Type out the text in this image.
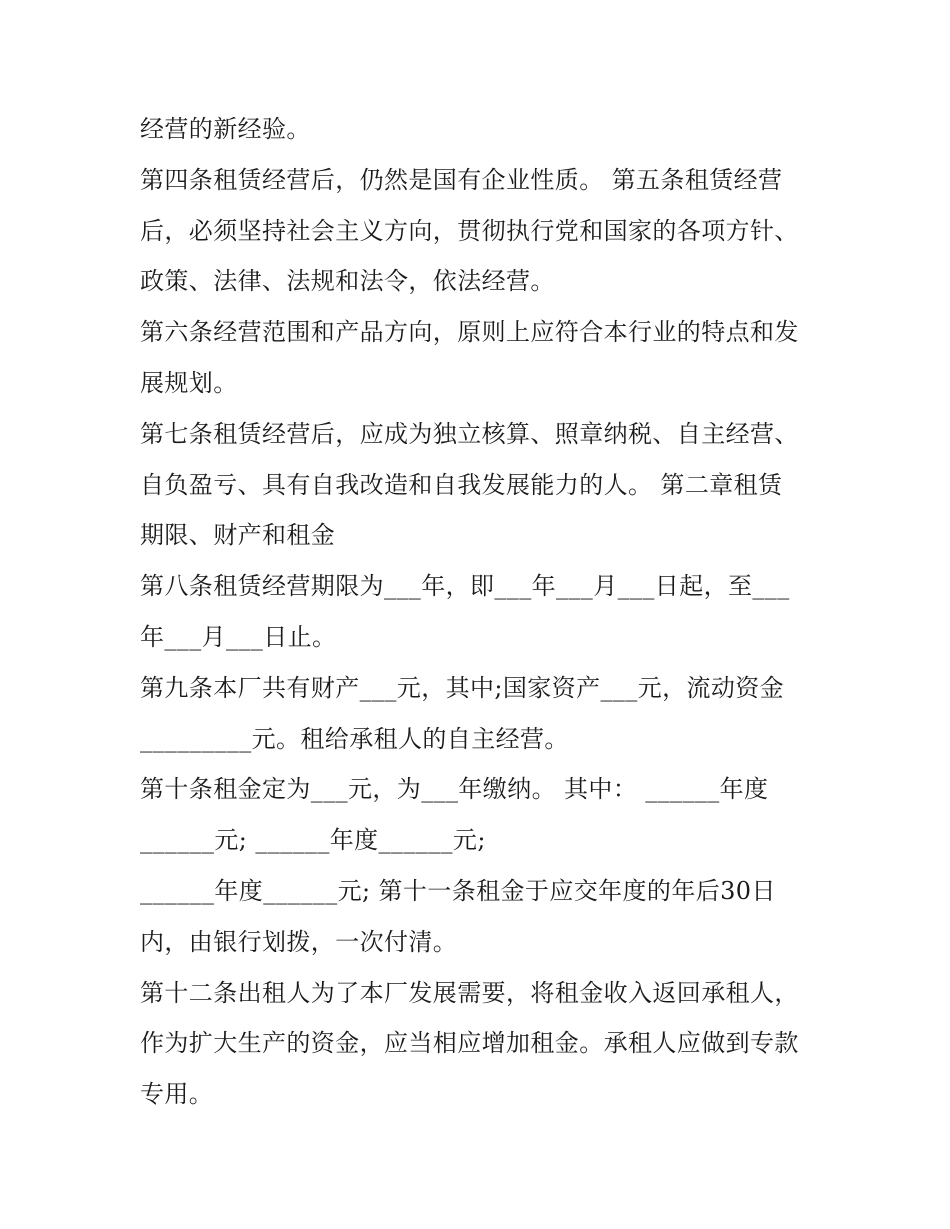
经营的新经验。
第四条租赁经营后，仍然是国有企业性质。 第五条租赁经营
后，必须坚持社会主义方向，贯彻执行党和国家的各项方针、
政策、法律、法规和法令，依法经营。
第六条经营范围和产品方向，原则上应符合本行业的特点和发
展规划。
第七条租赁经营后，应成为独立核算、照章纳税、自主经营、
自负盈亏、具有自我改造和自我发展能力的人。 第二章租赁
期限、财产和租金
第八条租赁经营期限为___年，即___年___月___日起，至___
年___月___日止。
第九条本厂共有财产___元，其中;国家资产___元，流动资金
_________元。租给承租人的自主经营。
第十条租金定为___元，为___年缴纳。 其中： ______年度
______元; ______年度______元;
______年度______元; 第十一条租金于应交年度的年后30日
内，由银行划拨，一次付清。
第十二条出租人为了本厂发展需要，将租金收入返回承租人，
作为扩大生产的资金，应当相应增加租金。承租人应做到专款
专用。
